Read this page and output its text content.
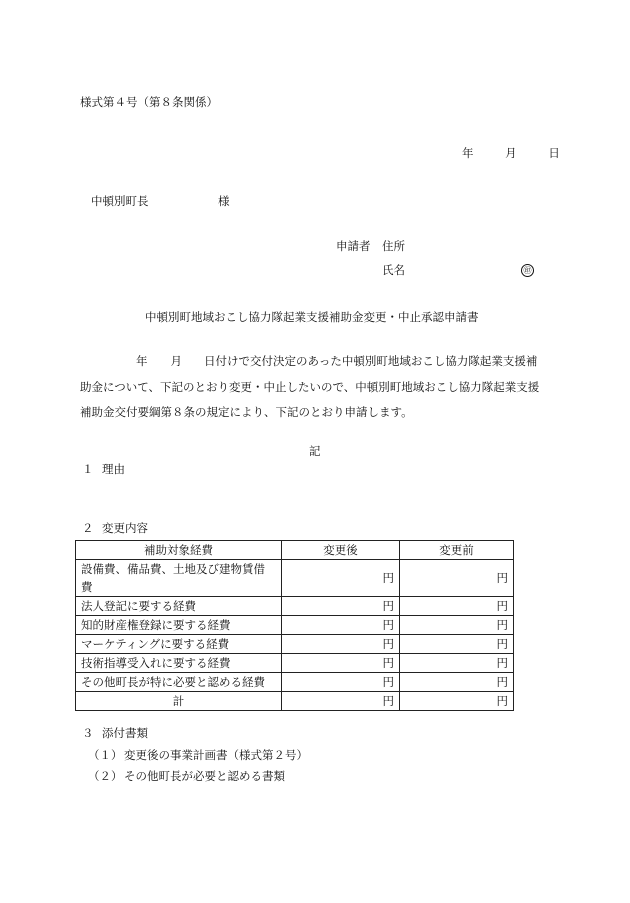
様式第４号（第８条関係）
年	月	日
中頓別町長	様
申請者 住所
氏名	㊞
中頓別町地域おこし協力隊起業支援補助金変更・中止承認申請書
年 月 日付けで交付決定のあった中頓別町地域おこし協力隊起業支援補
助金について、下記のとおり変更・中止したいので、中頓別町地域おこし協力隊起業支援
補助金交付要綱第８条の規定により、下記のとおり申請します。
記
１ 理由
２ 変更内容
補助対象経費	変更後	変更前
設備費、備品費、土地及び建物賃借費	円	円
法人登記に要する経費	円	円
知的財産権登録に要する経費	円	円
マーケティングに要する経費	円	円
技術指導受入れに要する経費	円	円
その他町長が特に必要と認める経費	円	円
計	円	円
３ 添付書類
（１） 変更後の事業計画書（様式第２号）
（２） その他町長が必要と認める書類
